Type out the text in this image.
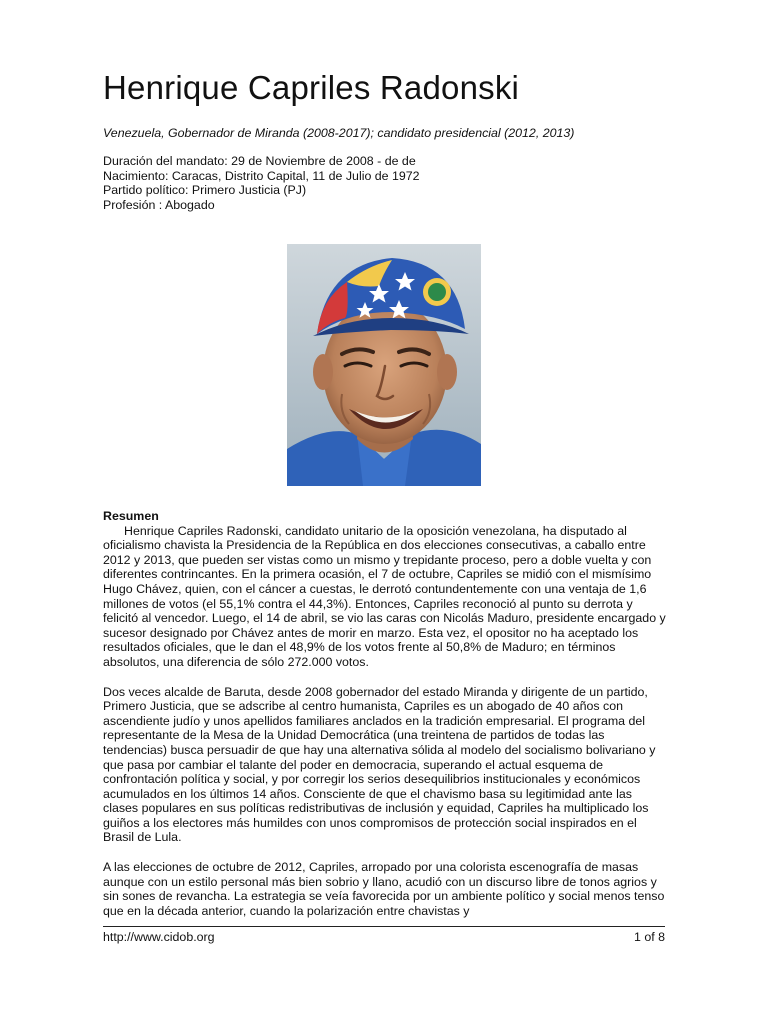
Henrique Capriles Radonski

Venezuela, Gobernador de Miranda (2008-2017); candidato presidencial (2012, 2013)

Duración del mandato: 29 de Noviembre de 2008 - de de
Nacimiento: Caracas, Distrito Capital, 11 de Julio de 1972
Partido político: Primero Justicia (PJ)
Profesión : Abogado

Resumen

Henrique Capriles Radonski, candidato unitario de la oposición venezolana, ha disputado al oficialismo chavista la Presidencia de la República en dos elecciones consecutivas, a caballo entre 2012 y 2013, que pueden ser vistas como un mismo y trepidante proceso, pero a doble vuelta y con diferentes contrincantes. En la primera ocasión, el 7 de octubre, Capriles se midió con el mismísimo Hugo Chávez, quien, con el cáncer a cuestas, le derrotó contundentemente con una ventaja de 1,6 millones de votos (el 55,1% contra el 44,3%). Entonces, Capriles reconoció al punto su derrota y felicitó al vencedor. Luego, el 14 de abril, se vio las caras con Nicolás Maduro, presidente encargado y sucesor designado por Chávez antes de morir en marzo. Esta vez, el opositor no ha aceptado los resultados oficiales, que le dan el 48,9% de los votos frente al 50,8% de Maduro; en términos absolutos, una diferencia de sólo 272.000 votos.

Dos veces alcalde de Baruta, desde 2008 gobernador del estado Miranda y dirigente de un partido, Primero Justicia, que se adscribe al centro humanista, Capriles es un abogado de 40 años con ascendiente judío y unos apellidos familiares anclados en la tradición empresarial. El programa del representante de la Mesa de la Unidad Democrática (una treintena de partidos de todas las tendencias) busca persuadir de que hay una alternativa sólida al modelo del socialismo bolivariano y que pasa por cambiar el talante del poder en democracia, superando el actual esquema de confrontación política y social, y por corregir los serios desequilibrios institucionales y económicos acumulados en los últimos 14 años. Consciente de que el chavismo basa su legitimidad ante las clases populares en sus políticas redistributivas de inclusión y equidad, Capriles ha multiplicado los guiños a los electores más humildes con unos compromisos de protección social inspirados en el Brasil de Lula.

A las elecciones de octubre de 2012, Capriles, arropado por una colorista escenografía de masas aunque con un estilo personal más bien sobrio y llano, acudió con un discurso libre de tonos agrios y sin sones de revancha. La estrategia se veía favorecida por un ambiente político y social menos tenso que en la década anterior, cuando la polarización entre chavistas y

http://www.cidob.org	1 of 8
